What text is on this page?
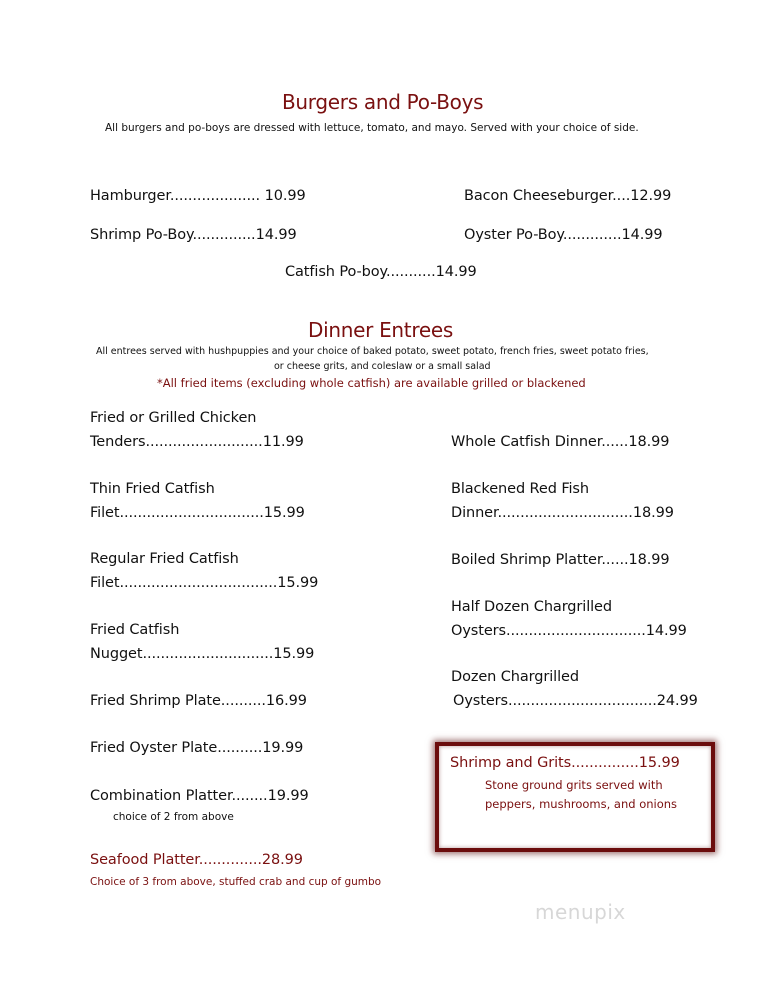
Burgers and Po-Boys
All burgers and po-boys are dressed with lettuce, tomato, and mayo. Served with your choice of side.
Hamburger.................... 10.99	Bacon Cheeseburger....12.99
Shrimp Po-Boy..............14.99	Oyster Po-Boy.............14.99
Catfish Po-boy...........14.99
Dinner Entrees
All entrees served with hushpuppies and your choice of baked potato, sweet potato, french fries, sweet potato fries,
or cheese grits, and coleslaw or a small salad
*All fried items (excluding whole catfish) are available grilled or blackened
Fried or Grilled Chicken
Tenders..........................11.99
Thin Fried Catfish
Filet................................15.99
Regular Fried Catfish
Filet...................................15.99
Fried Catfish
Nugget.............................15.99
Fried Shrimp Plate..........16.99
Fried Oyster Plate..........19.99
Combination Platter........19.99
choice of 2 from above
Seafood Platter..............28.99
Choice of 3 from above, stuffed crab and cup of gumbo
Whole Catfish Dinner......18.99
Blackened Red Fish
Dinner..............................18.99
Boiled Shrimp Platter......18.99
Half Dozen Chargrilled
Oysters...............................14.99
Dozen Chargrilled
Oysters.................................24.99
Shrimp and Grits...............15.99
Stone ground grits served with
peppers, mushrooms, and onions
menupix
